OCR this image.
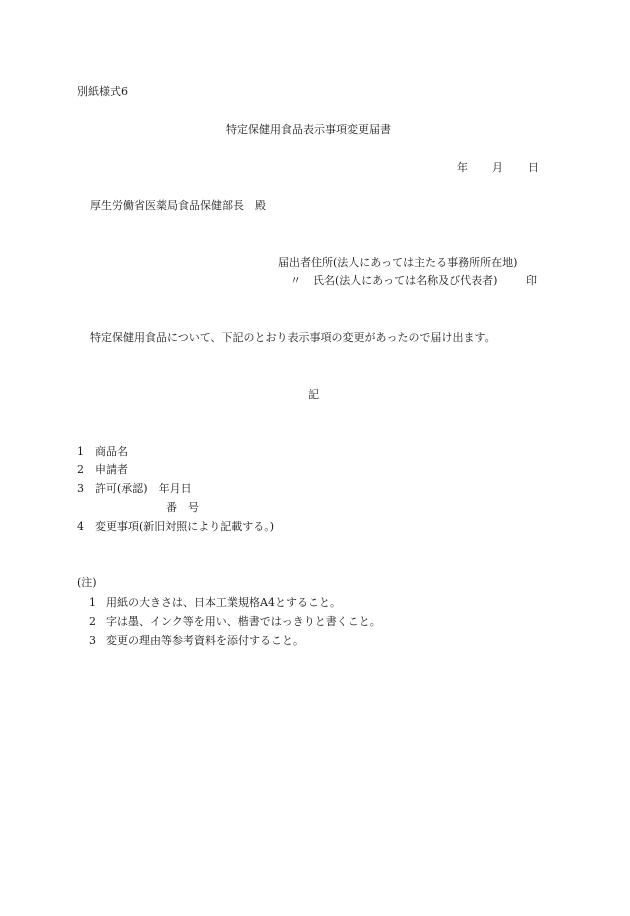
別紙様式6
特定保健用食品表示事項変更届書
年 月 日
厚生労働省医薬局食品保健部長　殿
届出者住所(法人にあっては主たる事務所所在地)
〃 氏名(法人にあっては名称及び代表者)	印
特定保健用食品について、下記のとおり表示事項の変更があったので届け出ます。
記
1 商品名
2 申請者
3 許可(承認)　年月日
番　号
4 変更事項(新旧対照により記載する。)
(注)
1 用紙の大きさは、日本工業規格A4とすること。
2 字は墨、インク等を用い、楷書ではっきりと書くこと。
3 変更の理由等参考資料を添付すること。
